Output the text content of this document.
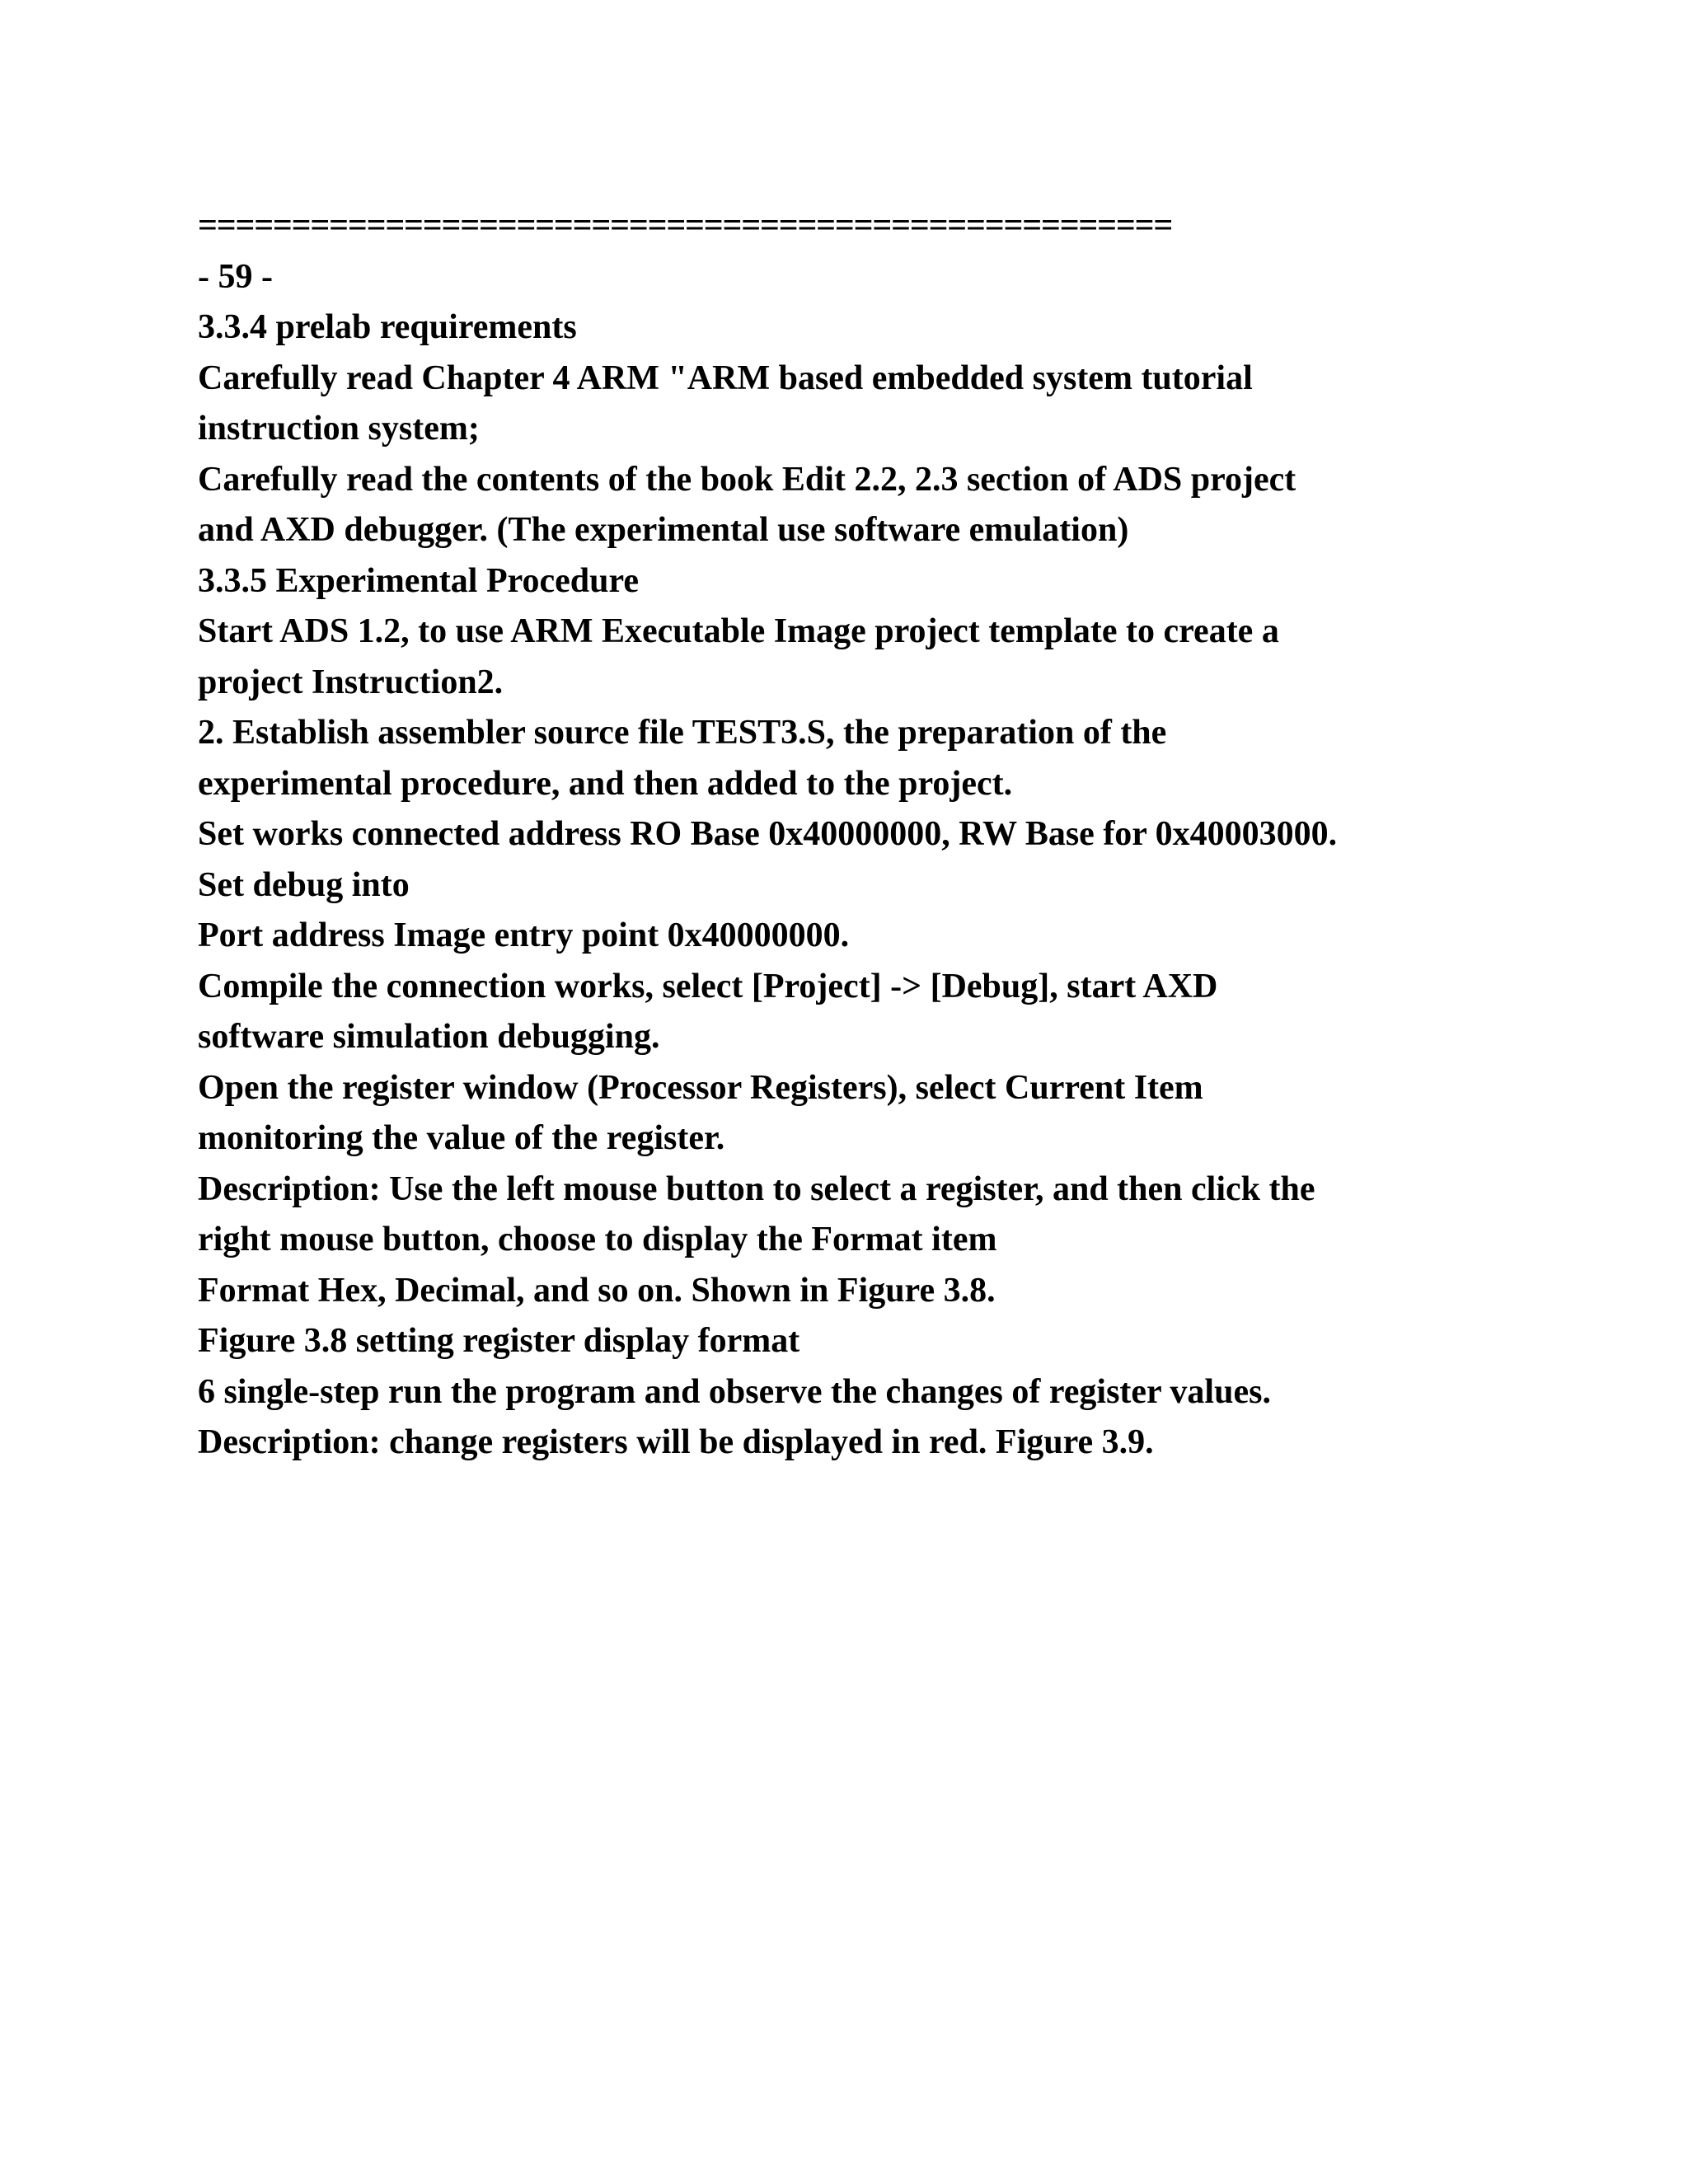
====================================================
- 59 -
3.3.4 prelab requirements
Carefully read Chapter 4 ARM "ARM based embedded system tutorial
instruction system;
Carefully read the contents of the book Edit 2.2, 2.3 section of ADS project
and AXD debugger. (The experimental use software emulation)
3.3.5 Experimental Procedure
Start ADS 1.2, to use ARM Executable Image project template to create a
project Instruction2.
2. Establish assembler source file TEST3.S, the preparation of the
experimental procedure, and then added to the project.
Set works connected address RO Base 0x40000000, RW Base for 0x40003000.
Set debug into
Port address Image entry point 0x40000000.
Compile the connection works, select [Project] -> [Debug], start AXD
software simulation debugging.
Open the register window (Processor Registers), select Current Item
monitoring the value of the register.
Description: Use the left mouse button to select a register, and then click the
right mouse button, choose to display the Format item
Format Hex, Decimal, and so on. Shown in Figure 3.8.
Figure 3.8 setting register display format
6 single-step run the program and observe the changes of register values.
Description: change registers will be displayed in red. Figure 3.9.
